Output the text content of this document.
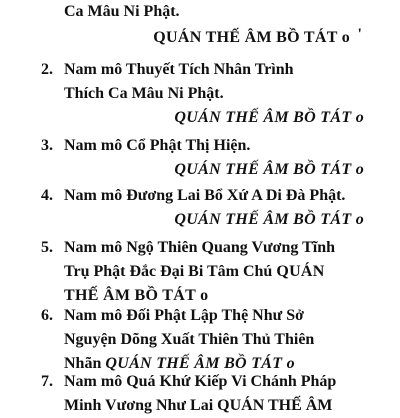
Ca Mâu Ni Phật.
QUÁN THẾ ÂM BỒ TÁT o '
2. Nam mô Thuyết Tích Nhân Trình
Thích Ca Mâu Ni Phật.
QUÁN THẾ ÂM BỒ TÁT o
3. Nam mô Cổ Phật Thị Hiện.
QUÁN THẾ ÂM BỒ TÁT o
4. Nam mô Đương Lai Bổ Xứ A Di Đà Phật.
QUÁN THẾ ÂM BỒ TÁT o
5. Nam mô Ngộ Thiên Quang Vương Tĩnh
Trụ Phật Đắc Đại Bi Tâm Chú QUÁN
THẾ ÂM BỒ TÁT o
6. Nam mô Đối Phật Lập Thệ Như Sở
Nguyện Dõng Xuất Thiên Thủ Thiên
Nhãn QUÁN THẾ ÂM BỒ TÁT o
7. Nam mô Quá Khứ Kiếp Vi Chánh Pháp
Minh Vương Như Lai QUÁN THẾ ÂM
